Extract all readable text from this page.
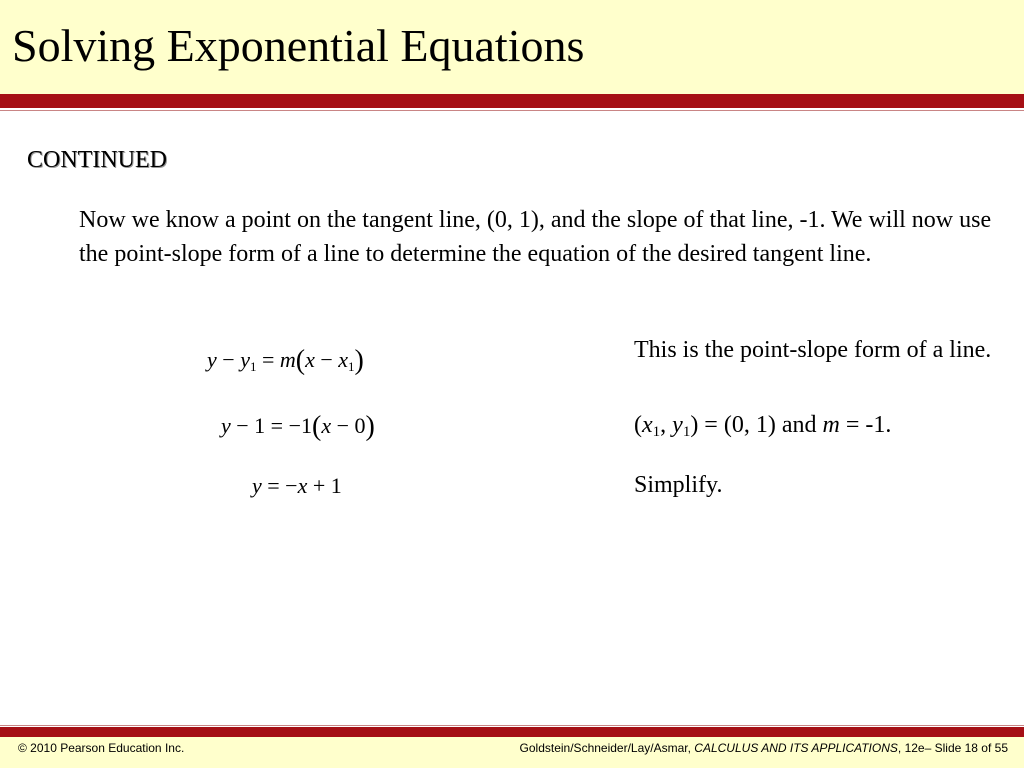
Solving Exponential Equations
CONTINUED
Now we know a point on the tangent line, (0, 1), and the slope of that line, -1. We will now use the point-slope form of a line to determine the equation of the desired tangent line.
$y - y_1 = m(x - x_1)$	This is the point-slope form of a line.
y − 1 = −1(x − 0)	($x_1$, $y_1) = (0$, 1) and m = -1.
y = −x + 1	Simplify.
© 2010 Pearson Education Inc.	Goldstein/Schneider/Lay/Asmar, CALCULUS AND ITS APPLICATIONS, 12e– Slide 18 of 55
